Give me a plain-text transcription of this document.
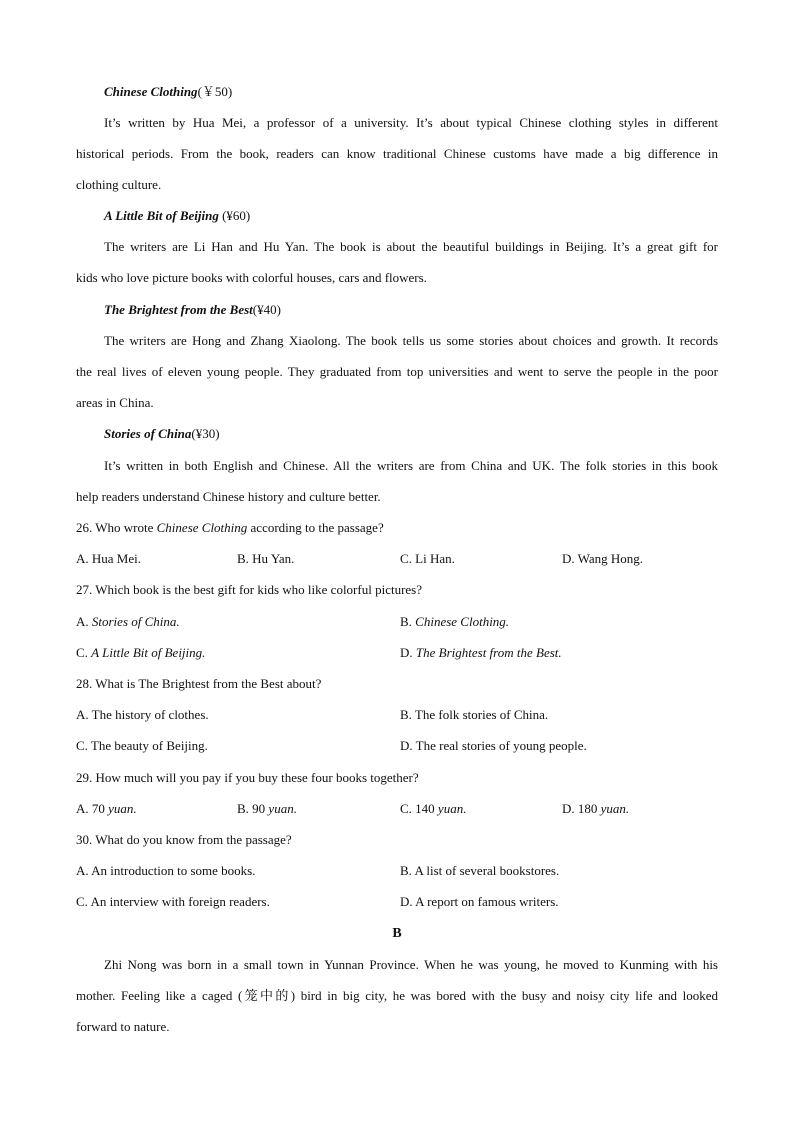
Chinese Clothing(￥50)
It’s written by Hua Mei, a professor of a university. It’s about typical Chinese clothing styles in different
historical periods. From the book, readers can know traditional Chinese customs have made a big difference in
clothing culture.
A Little Bit of Beijing (¥60)
The writers are Li Han and Hu Yan. The book is about the beautiful buildings in Beijing. It’s a great gift for
kids who love picture books with colorful houses, cars and flowers.
The Brightest from the Best(¥40)
The writers are Hong and Zhang Xiaolong. The book tells us some stories about choices and growth. It records
the real lives of eleven young people. They graduated from top universities and went to serve the people in the poor
areas in China.
Stories of China(¥30)
It’s written in both English and Chinese. All the writers are from China and UK. The folk stories in this book
help readers understand Chinese history and culture better.
26. Who wrote Chinese Clothing according to the passage?
A. Hua Mei.	B. Hu Yan.	C. Li Han.	D. Wang Hong.
27. Which book is the best gift for kids who like colorful pictures?
A. Stories of China.	B. Chinese Clothing.
C. A Little Bit of Beijing.	D. The Brightest from the Best.
28. What is The Brightest from the Best about?
A. The history of clothes.	B. The folk stories of China.
C. The beauty of Beijing.	D. The real stories of young people.
29. How much will you pay if you buy these four books together?
A. 70 yuan.	B. 90 yuan.	C. 140 yuan.	D. 180 yuan.
30. What do you know from the passage?
A. An introduction to some books.	B. A list of several bookstores.
C. An interview with foreign readers.	D. A report on famous writers.
B
Zhi Nong was born in a small town in Yunnan Province. When he was young, he moved to Kunming with his
mother. Feeling like a caged (笼中的) bird in big city, he was bored with the busy and noisy city life and looked
forward to nature.
